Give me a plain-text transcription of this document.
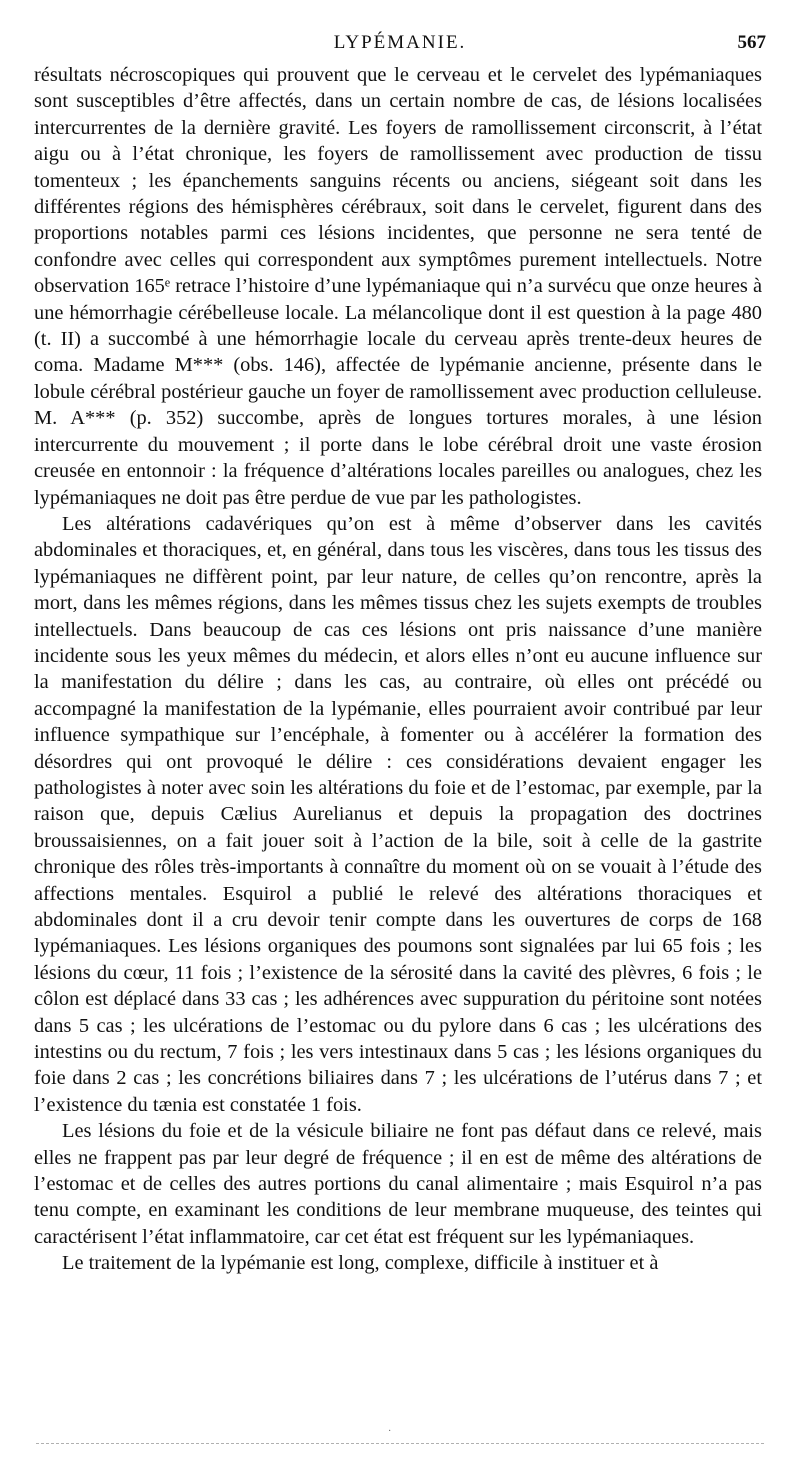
LYPÉMANIE.	567

résultats nécroscopiques qui prouvent que le cerveau et le cervelet des lypémaniaques sont susceptibles d’être affectés, dans un certain nombre de cas, de lésions localisées intercurrentes de la dernière gravité. Les foyers de ramollissement circonscrit, à l’état aigu ou à l’état chronique, les foyers de ramollissement avec production de tissu tomenteux ; les épanchements sanguins récents ou anciens, siégeant soit dans les différentes régions des hémisphères cérébraux, soit dans le cervelet, figurent dans des proportions notables parmi ces lésions incidentes, que personne ne sera tenté de confondre avec celles qui correspondent aux symptômes purement intellectuels. Notre observation 165ᵉ retrace l’histoire d’une lypémaniaque qui n’a survécu que onze heures à une hémorrhagie cérébelleuse locale. La mélancolique dont il est question à la page 480 (t. II) a succombé à une hémorrhagie locale du cerveau après trente-deux heures de coma. Madame M*** (obs. 146), affectée de lypémanie ancienne, présente dans le lobule cérébral postérieur gauche un foyer de ramollissement avec production celluleuse. M. A*** (p. 352) succombe, après de longues tortures morales, à une lésion intercurrente du mouvement ; il porte dans le lobe cérébral droit une vaste érosion creusée en entonnoir : la fréquence d’altérations locales pareilles ou analogues, chez les lypémaniaques ne doit pas être perdue de vue par les pathologistes.

Les altérations cadavériques qu’on est à même d’observer dans les cavités abdominales et thoraciques, et, en général, dans tous les viscères, dans tous les tissus des lypémaniaques ne diffèrent point, par leur nature, de celles qu’on rencontre, après la mort, dans les mêmes régions, dans les mêmes tissus chez les sujets exempts de troubles intellectuels. Dans beaucoup de cas ces lésions ont pris naissance d’une manière incidente sous les yeux mêmes du médecin, et alors elles n’ont eu aucune influence sur la manifestation du délire ; dans les cas, au contraire, où elles ont précédé ou accompagné la manifestation de la lypémanie, elles pourraient avoir contribué par leur influence sympathique sur l’encéphale, à fomenter ou à accélérer la formation des désordres qui ont provoqué le délire : ces considérations devaient engager les pathologistes à noter avec soin les altérations du foie et de l’estomac, par exemple, par la raison que, depuis Cælius Aurelianus et depuis la propagation des doctrines broussaisiennes, on a fait jouer soit à l’action de la bile, soit à celle de la gastrite chronique des rôles très-importants à connaître du moment où on se vouait à l’étude des affections mentales. Esquirol a publié le relevé des altérations thoraciques et abdominales dont il a cru devoir tenir compte dans les ouvertures de corps de 168 lypémaniaques. Les lésions organiques des poumons sont signalées par lui 65 fois ; les lésions du cœur, 11 fois ; l’existence de la sérosité dans la cavité des plèvres, 6 fois ; le côlon est déplacé dans 33 cas ; les adhérences avec suppuration du péritoine sont notées dans 5 cas ; les ulcérations de l’estomac ou du pylore dans 6 cas ; les ulcérations des intestins ou du rectum, 7 fois ; les vers intestinaux dans 5 cas ; les lésions organiques du foie dans 2 cas ; les concrétions biliaires dans 7 ; les ulcérations de l’utérus dans 7 ; et l’existence du tænia est constatée 1 fois.

Les lésions du foie et de la vésicule biliaire ne font pas défaut dans ce relevé, mais elles ne frappent pas par leur degré de fréquence ; il en est de même des altérations de l’estomac et de celles des autres portions du canal alimentaire ; mais Esquirol n’a pas tenu compte, en examinant les conditions de leur membrane muqueuse, des teintes qui caractérisent l’état inflammatoire, car cet état est fréquent sur les lypémaniaques.

Le traitement de la lypémanie est long, complexe, difficile à instituer et à

·
